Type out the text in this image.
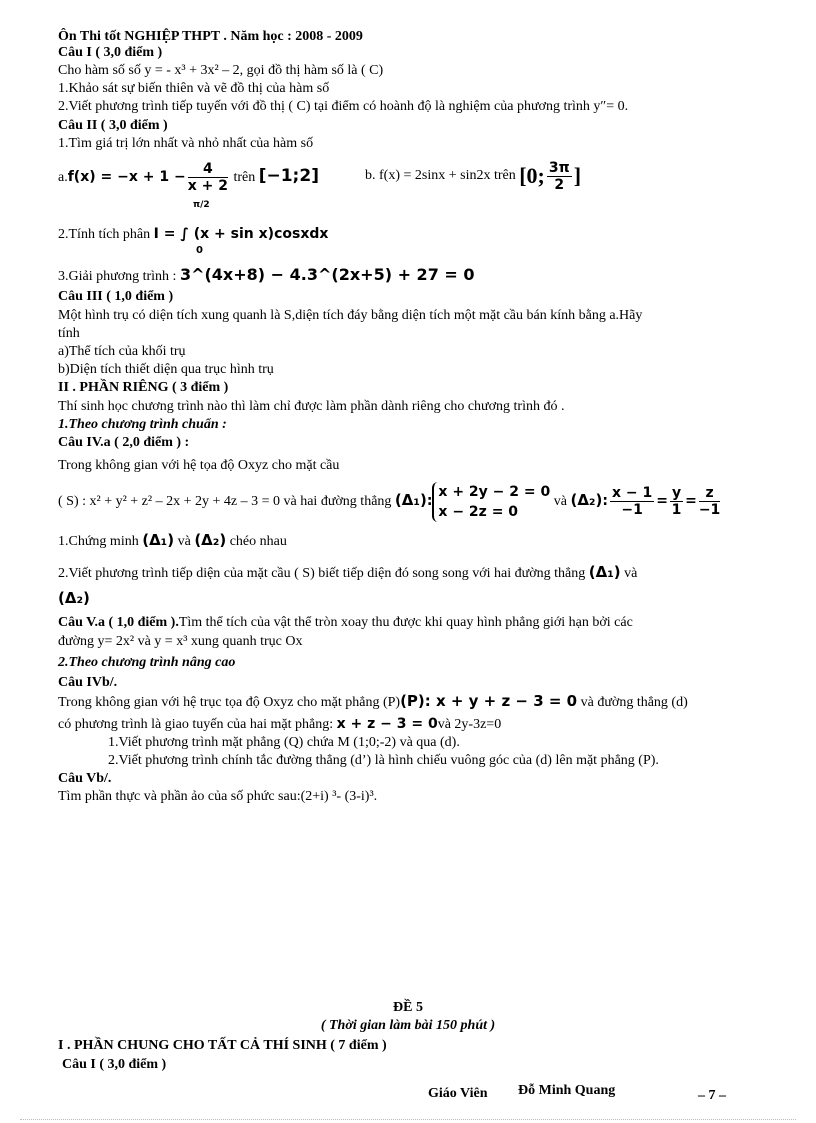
Ôn Thi tốt NGHIỆP THPT . Năm học : 2008 - 2009
Câu I ( 3,0 điểm )
Cho hàm số số y = - x³ + 3x² – 2, gọi đồ thị hàm số là ( C)
1.Khảo sát sự biến thiên và vẽ đồ thị của hàm số
2.Viết phương trình tiếp tuyến với đồ thị ( C) tại điểm có hoành độ là nghiệm của phương trình y″= 0.
Câu II ( 3,0 điểm )
1.Tìm giá trị lớn nhất và nhỏ nhất của hàm số
$a.f(x) = -x + 1 - \frac{4}{x + 2}$ trên [−1;2]	b. f(x) = 2sinx + sin2x trên [0; $\frac{3\pi}{2}$ ]
2.Tính tích phân I = ∫ (x + sin x)cosxdx
π/2
0
3.Giải phương trình : 3^(4x+8) − 4.3^(2x+5) + 27 = 0
Câu III ( 1,0 điểm )
Một hình trụ có diện tích xung quanh là S,diện tích đáy bằng diện tích một mặt cầu bán kính bằng a.Hãy
tính
a)Thể tích của khối trụ
b)Diện tích thiết diện qua trục hình trụ
II . PHẦN RIÊNG ( 3 điểm )
Thí sinh học chương trình nào thì làm chỉ được làm phần dành riêng cho chương trình đó .
1.Theo chương trình chuẩn :
Câu IV.a ( 2,0 điểm ) :
Trong không gian với hệ tọa độ Oxyz cho mặt cầu
( S) : x² + y² + z² – 2x + 2y + 4z – 3 = 0 và hai đường thẳng (Δ₁):
x + 2y − 2 = 0
x − 2z = 0
và (Δ₂): $\frac{x - 1}{-1} = \frac{y}{1} = \frac{z}{-1}$
1.Chứng minh (Δ₁) và (Δ₂) chéo nhau
2.Viết phương trình tiếp diện của mặt cầu ( S) biết tiếp diện đó song song với hai đường thẳng (Δ₁) và
(Δ₂)
Câu V.a ( 1,0 điểm ).Tìm thể tích của vật thể tròn xoay thu được khi quay hình phẳng giới hạn bởi các
đường y= 2x² và y = x³ xung quanh trục Ox
2.Theo chương trình nâng cao
Câu IVb/.
Trong không gian với hệ trục tọa độ Oxyz cho mặt phẳng (P)(P): x + y + z − 3 = 0 và đường thẳng (d)
có phương trình là giao tuyến của hai mặt phẳng: x + z − 3 = 0và 2y-3z=0
1.Viết phương trình mặt phẳng (Q) chứa M (1;0;-2) và qua (d).
2.Viết phương trình chính tắc đường thẳng (d’) là hình chiếu vuông góc của (d) lên mặt phẳng (P).
Câu Vb/.
Tìm phần thực và phần ảo của số phức sau:(2+i) ³- (3-i)³.
ĐỀ 5
( Thời gian làm bài 150 phút )
I . PHẦN CHUNG CHO TẤT CẢ THÍ SINH ( 7 điểm )
Câu I ( 3,0 điểm )
Giáo Viên Đỗ Minh Quang	– 7 –
